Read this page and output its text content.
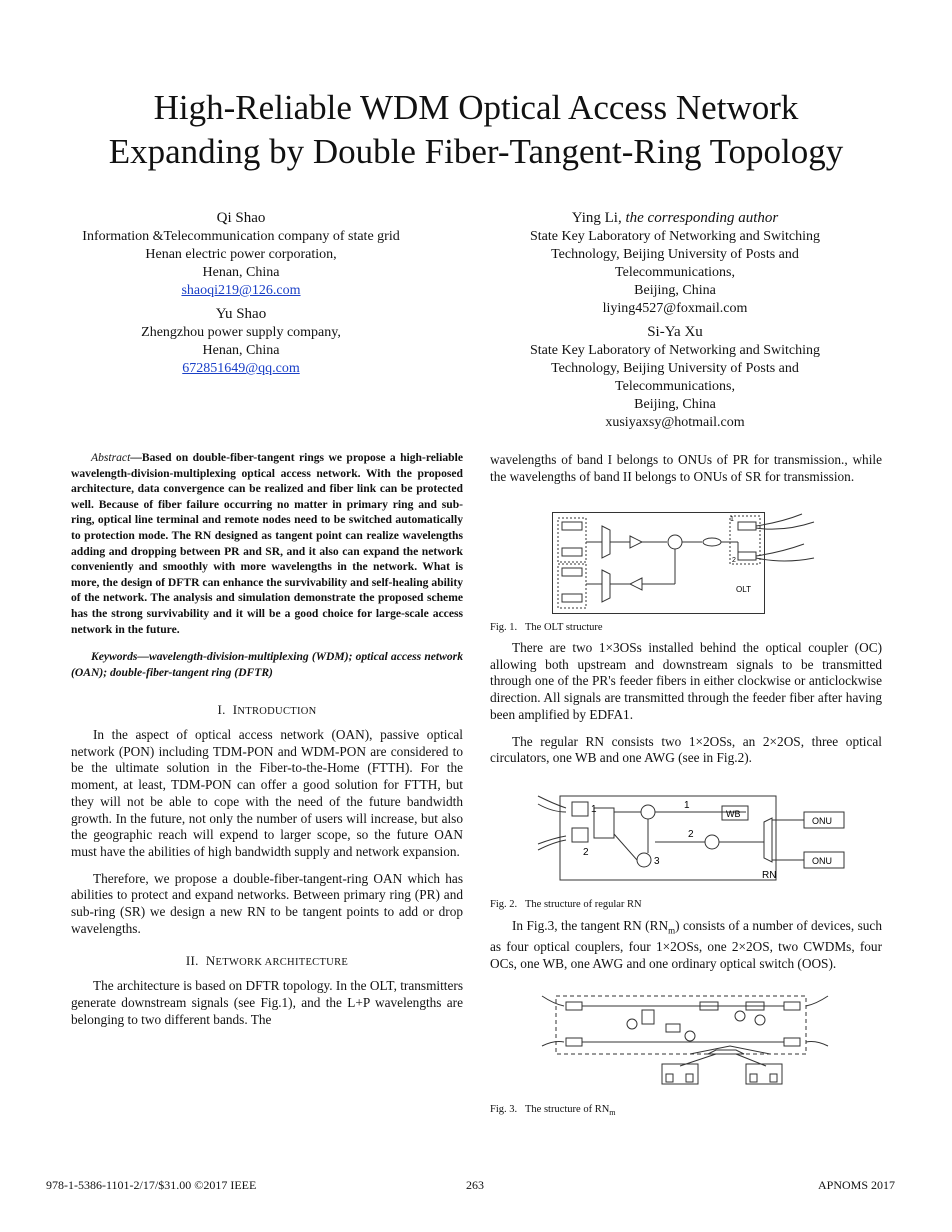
High-Reliable WDM Optical Access Network
Expanding by Double Fiber-Tangent-Ring Topology
Qi Shao
Information &Telecommunication company of state grid
Henan electric power corporation,
Henan, China
shaoqi219@126.com
Yu Shao
Zhengzhou power supply company,
Henan, China
672851649@qq.com
Ying Li, the corresponding author
State Key Laboratory of Networking and Switching
Technology, Beijing University of Posts and
Telecommunications,
Beijing, China
liying4527@foxmail.com
Si-Ya Xu
State Key Laboratory of Networking and Switching
Technology, Beijing University of Posts and
Telecommunications,
Beijing, China
xusiyaxsy@hotmail.com
Abstract—Based on double-fiber-tangent rings we propose a high-reliable wavelength-division-multiplexing optical access network. With the proposed architecture, data convergence can be realized and fiber link can be protected well. Because of fiber failure occurring no matter in primary ring and sub-ring, optical line terminal and remote nodes need to be switched automatically to protection mode. The RN designed as tangent point can realize wavelengths adding and dropping between PR and SR, and it also can expand the network conveniently and smoothly with more wavelengths in the network. What is more, the design of DFTR can enhance the survivability and self-healing ability of the network. The analysis and simulation demonstrate the proposed scheme has the strong survivability and it will be a good choice for large-scale access network in the future.
Keywords—wavelength-division-multiplexing (WDM); optical access network (OAN); double-fiber-tangent ring (DFTR)
I. INTRODUCTION

In the aspect of optical access network (OAN), passive optical network (PON) including TDM-PON and WDM-PON are considered to be the ultimate solution in the Fiber-to-the-Home (FTTH). For the moment, at least, TDM-PON can offer a good solution for FTTH, but they will not be able to cope with the need of the future bandwidth growth. In the future, not only the number of users will increase, but also the geographic reach will expend to larger scope, so the future OAN must have the abilities of high bandwidth supply and network expansion.

Therefore, we propose a double-fiber-tangent-ring OAN which has abilities to protect and expand networks. Between primary ring (PR) and sub-ring (SR) we design a new RN to be tangent points to add or drop wavelengths.

II. NETWORK ARCHITECTURE

The architecture is based on DFTR topology. In the OLT, transmitters generate downstream signals (see Fig.1), and the L+P wavelengths are belonging to two different bands. The

wavelengths of band I belongs to ONUs of PR for transmission., while the wavelengths of band II belongs to ONUs of SR for transmission.

1
2
OLT
Fig. 1. The OLT structure

There are two 1×3OSs installed behind the optical coupler (OC) allowing both upstream and downstream signals to be transmitted through one of the PR's feeder fibers in either clockwise or anticlockwise direction. All signals are transmitted through the feeder fiber after having been amplified by EDFA1.

The regular RN consists two 1×2OSs, an 2×2OS, three optical circulators, one WB and one AWG (see in Fig.2).

1
2
1
2
3
WB
ONU
ONU
RN
Fig. 2. The structure of regular RN

In Fig.3, the tangent RN $(RN_m)$ consists of a number of devices, such as four optical couplers, four 1×2OSs, one 2×2OS, two CWDMs, four OCs, one WB, one AWG and one ordinary optical switch (OOS).

Fig. 3. The structure of $RN_m$
978-1-5386-1101-2/17/$31.00 ©2017 IEEE	263	APNOMS 2017
